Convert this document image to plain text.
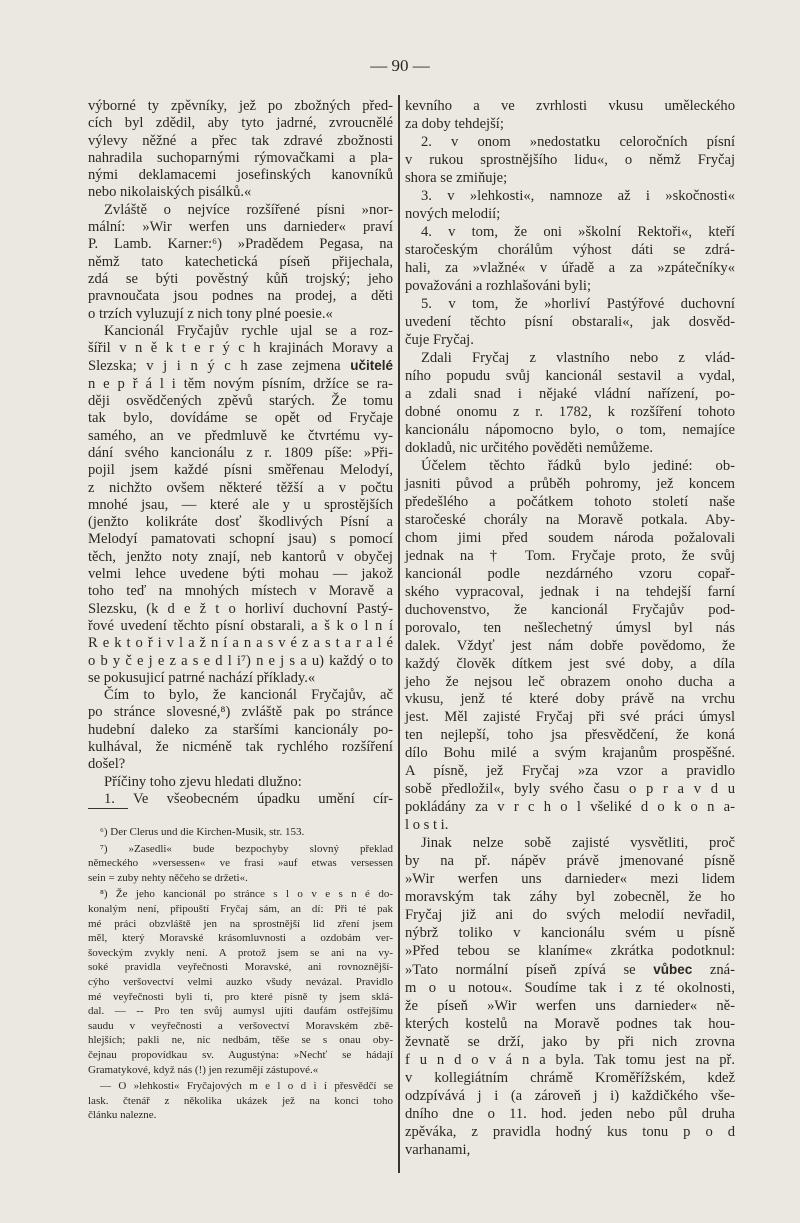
— 90 —
výborné ty zpěvníky, jež po zbožných před-
cích byl zdědil, aby tyto jadrné, zvroucnělé
výlevy něžné a přec tak zdravé zbožnosti
nahradila suchoparnými rýmovačkami a pla-
nými deklamacemi josefinských kanovníků
nebo nikolaiských pisálků.«
Zvláště o nejvíce rozšířené písni »nor-
mální: »Wir werfen uns darnieder« praví
P. Lamb. Karner:⁶) »Pradědem Pegasa, na
němž tato katechetická píseň přijechala,
zdá se býti pověstný kůň trojský; jeho
pravnoučata jsou podnes na prodej, a děti
o trzích vyluzují z nich tony plné poesie.«
Kancionál Fryčajův rychle ujal se a roz-
šířil v n ě k t e r ý c h krajinách Moravy a
Slezska; v j i n ý c h zase zejmena učitelé
n e p ř á l i těm novým písním, držíce se ra-
ději osvědčených zpěvů starých. Že tomu
tak bylo, dovídáme se opět od Fryčaje
samého, an ve předmluvě ke čtvrtému vy-
dání svého kancionálu z r. 1809 píše: »Při-
pojil jsem každé písni směřenau Melodyí,
z nichžto ovšem některé těžší a v počtu
mnohé jsau, — které ale y u sprostějších
(jenžto kolikráte dosť škodlivých Písní a
Melodyí pamatovati schopní jsau) s pomocí
těch, jenžto noty znají, neb kantorů v obyčej
velmi lehce uvedene býti mohau — jakož
toho teď na mnohých místech v Moravě a
Slezsku, (k d e ž t o horliví duchovní Pastý-
řové uvedení těchto písní obstarali, a š k o l n í
R e k t o ř i v l a ž n í a n a s v é z a s t a r a l é
o b y č e j e z a s e d l i⁷) n e j s a u) každý o to
se pokusujicí patrné nachází příklady.«
Čím to bylo, že kancionál Fryčajův, ač
po stránce slovesné,⁸) zvláště pak po stránce
hudební daleko za staršími kancionály po-
kulhával, že nicméně tak rychlého rozšíření
došel?
Příčiny toho zjevu hledati dlužno:
1. Ve všeobecném úpadku umění cír-
kevního a ve zvrhlosti vkusu uměleckého
za doby tehdejší;
2. v onom »nedostatku celoročních písní
v rukou sprostnějšího lidu«, o němž Fryčaj
shora se zmiňuje;
3. v »lehkosti«, namnoze až i »skočnosti«
nových melodií;
4. v tom, že oni »školní Rektoři«, kteří
staročeským chorálům výhost dáti se zdrá-
hali, za »vlažné« v úřadě a za »zpátečníky«
považováni a rozhlašováni byli;
5. v tom, že »horliví Pastýřové duchovní
uvedení těchto písní obstarali«, jak dosvěd-
čuje Fryčaj.
Zdali Fryčaj z vlastního nebo z vlád-
ního popudu svůj kancionál sestavil a vydal,
a zdali snad i nějaké vládní nařízení, po-
dobné onomu z r. 1782, k rozšíření tohoto
kancionálu nápomocno bylo, o tom, nemajíce
dokladů, nic určitého pověděti nemůžeme.
Účelem těchto řádků bylo jediné: ob-
jasniti původ a průběh pohromy, jež koncem
předešlého a počátkem tohoto století naše
staročeské chorály na Moravě potkala. Aby-
chom jimi před soudem národa požalovali
jednak na † Tom. Fryčaje proto, že svůj
kancionál podle nezdárného vzoru copař-
ského vypracoval, jednak i na tehdejší farní
duchovenstvo, že kancionál Fryčajův pod-
porovalo, ten nešlechetný úmysl byl nás
dalek. Vždyť jest nám dobře povědomo, že
každý člověk dítkem jest své doby, a díla
jeho že nejsou leč obrazem onoho ducha a
vkusu, jenž té které doby právě na vrchu
jest. Měl zajisté Fryčaj při své práci úmysl
ten nejlepší, toho jsa přesvědčení, že koná
dílo Bohu milé a svým krajanům prospěšné.
A písně, jež Fryčaj »za vzor a pravidlo
sobě předložil«, byly svého času o p r a v d u
pokládány za v r c h o l všeliké d o k o n a-
l o s t i.
Jinak nelze sobě zajisté vysvětliti, proč
by na př. nápěv právě jmenované písně
»Wir werfen uns darnieder« mezi lidem
moravským tak záhy byl zobecněl, že ho
Fryčaj již ani do svých melodií nevřadil,
nýbrž toliko v kancionálu svém u písně
»Před tebou se klaníme« zkrátka podotknul:
»Tato normální píseň zpívá se vůbec zná-
m o u notou«. Soudíme tak i z té okolnosti,
že píseň »Wir werfen uns darnieder« ně-
kterých kostelů na Moravě podnes tak hou-
ževnatě se drží, jako by při nich zrovna
f u n d o v á n a byla. Tak tomu jest na př.
v kollegiátním chrámě Kroměřížském, kdež
odzpívává j i (a zároveň j i) každičkého vše-
dního dne o 11. hod. jeden nebo půl druha
zpěváka, z pravidla hodný kus tonu p o d
varhanami,
⁶) Der Clerus und die Kirchen-Musik, str. 153.
⁷) »Zasedli« bude bezpochyby slovný překlad
německého »versessen« ve frasi »auf etwas versessen
sein = zuby nehty něčeho se držeti«.
⁸) Že jeho kancionál po stránce s l o v e s n é do-
konalým není, připouští Fryčaj sám, an dí: Při té pak
mé práci obzvláště jen na sprostnější lid zření jsem
měl, který Moravské krásomluvnosti a ozdobám ver-
šoveckým zvykly není. A protož jsem se ani na vy-
soké pravidla veyřečnosti Moravské, ani rovnoznější-
cýho veršovectví velmi auzko všudy nevázal. Pravidlo
mé veyřečnosti byli ti, pro které písně ty jsem sklá-
dal. — -- Pro ten svůj aumysl ujíti daufám ostřejšímu
saudu v veyřečnosti a veršovectví Moravském zbě-
hlejších; pakli ne, nic nedbám, těše se s onau oby-
čejnau propovídkau sv. Augustýna: »Nechť se hádají
Gramatykové, když nás (!) jen rezumějí zástupové.«
— O »lehkosti« Fryčajových m e l o d i í přesvědčí se
lask. čtenář z několika ukázek jež na konci toho
článku nalezne.
